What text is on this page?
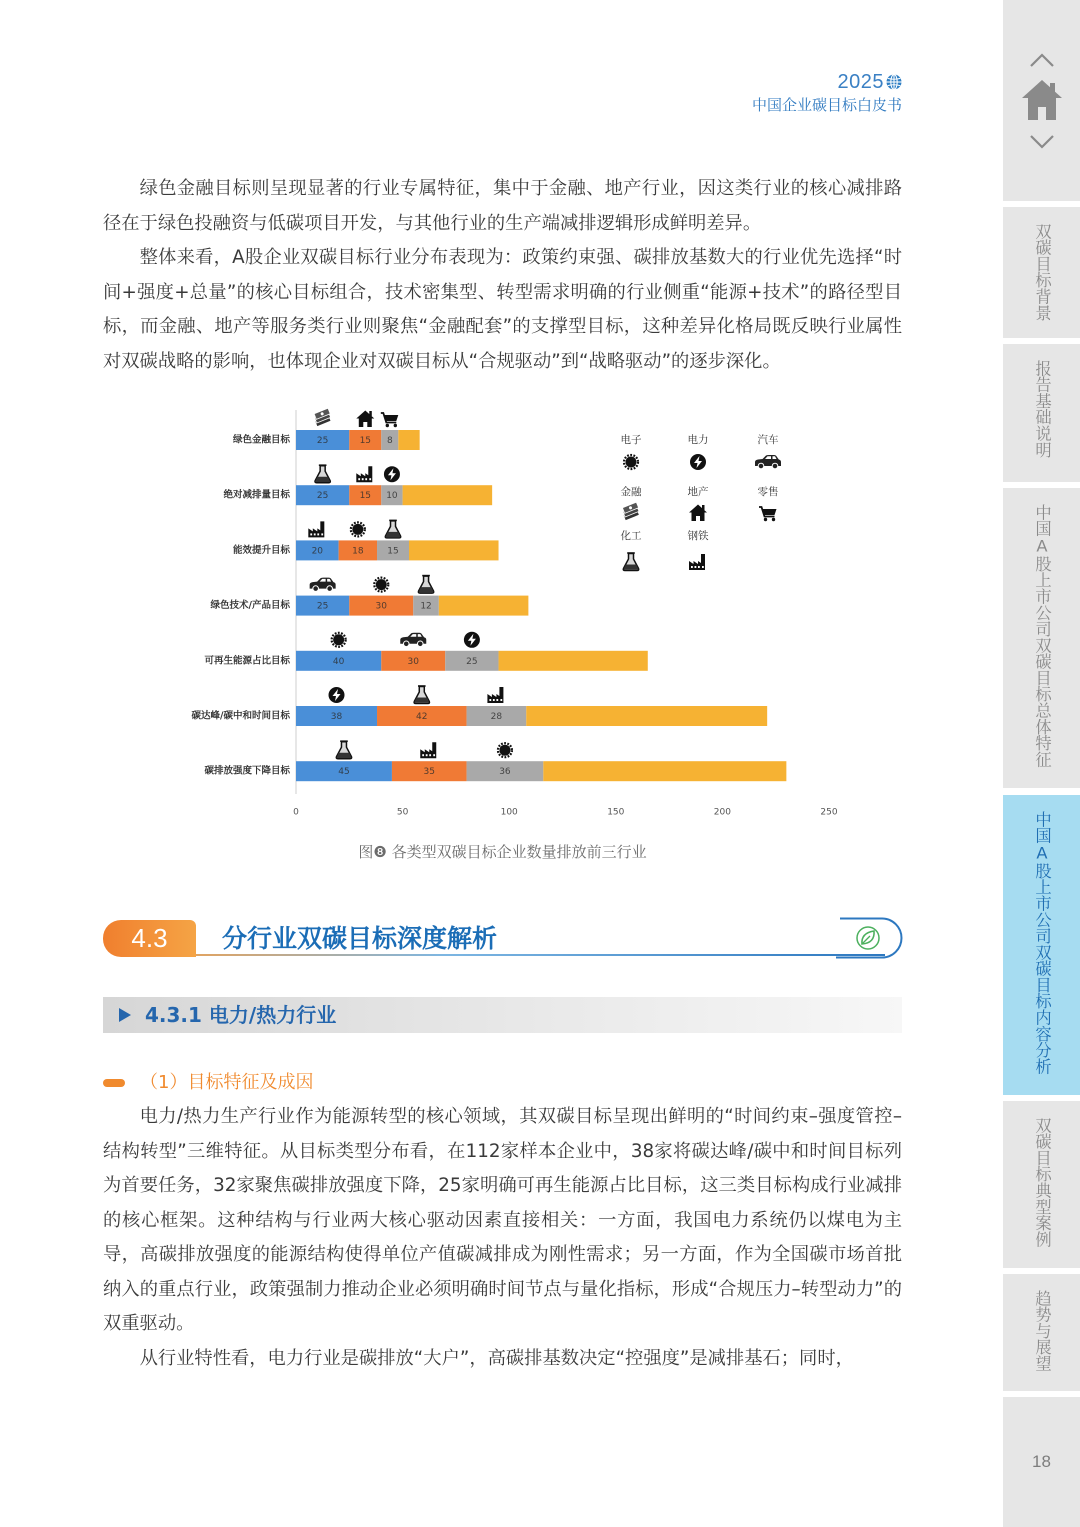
2025
中国企业碳目标白皮书

绿色金融目标则呈现显著的行业专属特征，集中于金融、地产行业，因这类行业的核心减排路径在于绿色投融资与低碳项目开发，与其他行业的生产端减排逻辑形成鲜明差异。

整体来看，A股企业双碳目标行业分布表现为：政策约束强、碳排放基数大的行业优先选择“时间+强度+总量”的核心目标组合，技术密集型、转型需求明确的行业侧重“能源+技术”的路径型目标，而金融、地产等服务类行业则聚焦“金融配套”的支撑型目标，这种差异化格局既反映行业属性对双碳战略的影响，也体现企业对双碳目标从“合规驱动”到“战略驱动”的逐步深化。

0	50	100	150	200	250
绿色金融目标	25	15 8
绝对减排量目标	25	15 10
能效提升目标 20	18	15
绿色技术/产品目标	25	30	12
可再生能源占比目标	40	30	25
碳达峰/碳中和时间目标	38	42	28
碳排放强度下降目标	45	35	36
电子	电力	汽车
金融	地产	零售
化工	钢铁
图❽ 各类型双碳目标企业数量排放前三行业
4.3	分行业双碳目标深度解析
4.3.1 电力/热力行业
（1）目标特征及成因

电力/热力生产行业作为能源转型的核心领域，其双碳目标呈现出鲜明的“时间约束–强度管控–结构转型”三维特征。从目标类型分布看，在112家样本企业中，38家将碳达峰/碳中和时间目标列为首要任务，32家聚焦碳排放强度下降，25家明确可再生能源占比目标，这三类目标构成行业减排的核心框架。这种结构与行业两大核心驱动因素直接相关：一方面，我国电力系统仍以煤电为主导，高碳排放强度的能源结构使得单位产值碳减排成为刚性需求；另一方面，作为全国碳市场首批纳入的重点行业，政策强制力推动企业必须明确时间节点与量化指标，形成“合规压力–转型动力”的双重驱动。

从行业特性看，电力行业是碳排放“大户”，高碳排基数决定“控强度”是减排基石；同时，

双碳目标背景
报告基础说明
中国A股上市公司双碳目标总体特征
中国A股上市公司双碳目标内容分析
双碳目标典型案例
趋势与展望
18
